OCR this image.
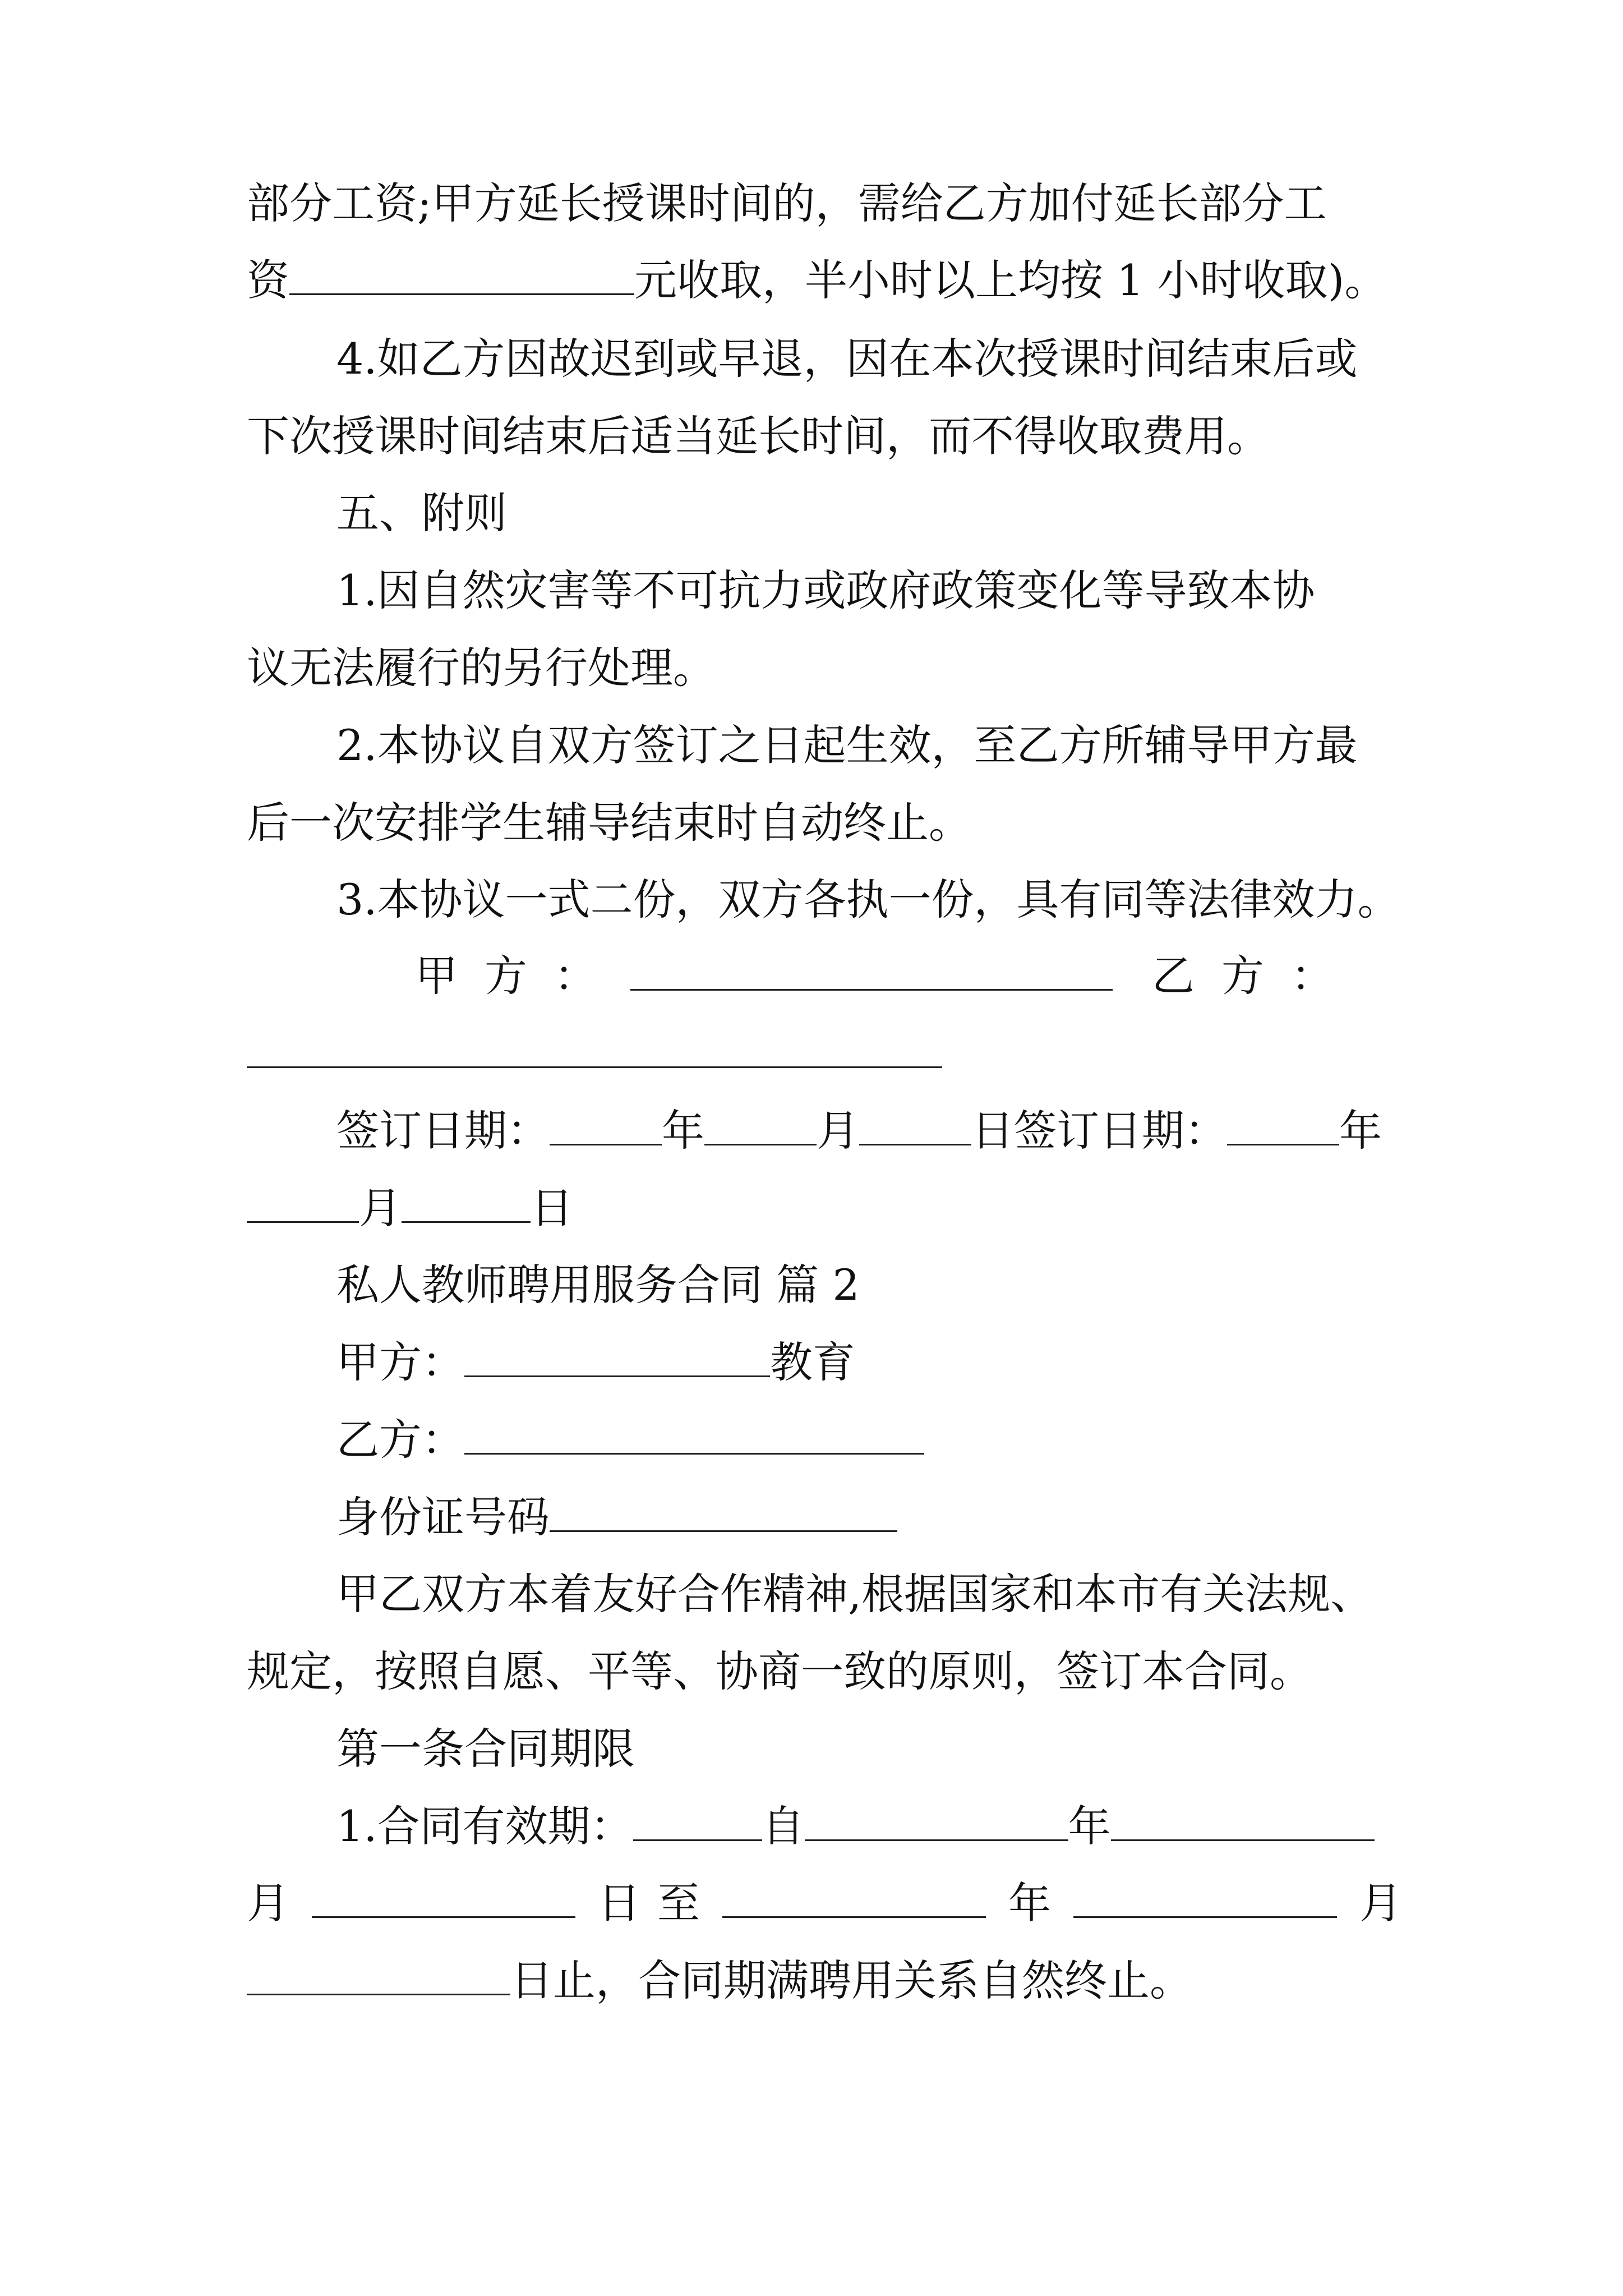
部分工资;甲方延长授课时间的，需给乙方加付延长部分工
资	元收取，半小时以上均按 1 小时收取)。
4.如乙方因故迟到或早退，因在本次授课时间结束后或
下次授课时间结束后适当延长时间，而不得收取费用。
五、附则
1.因自然灾害等不可抗力或政府政策变化等导致本协
议无法履行的另行处理。
2.本协议自双方签订之日起生效，至乙方所辅导甲方最
后一次安排学生辅导结束时自动终止。
3.本协议一式二份，双方各执一份，具有同等法律效力。
甲 方 ：	乙 方 ：
签订日期：	年	月	日签订日期：	年
月	日
私人教师聘用服务合同 篇 2
甲方：	教育
乙方：
身份证号码
甲乙双方本着友好合作精神,根据国家和本市有关法规、
规定，按照自愿、平等、协商一致的原则，签订本合同。
第一条合同期限
1.合同有效期：	自	年
月	日 至	年	月
日止，合同期满聘用关系自然终止。
